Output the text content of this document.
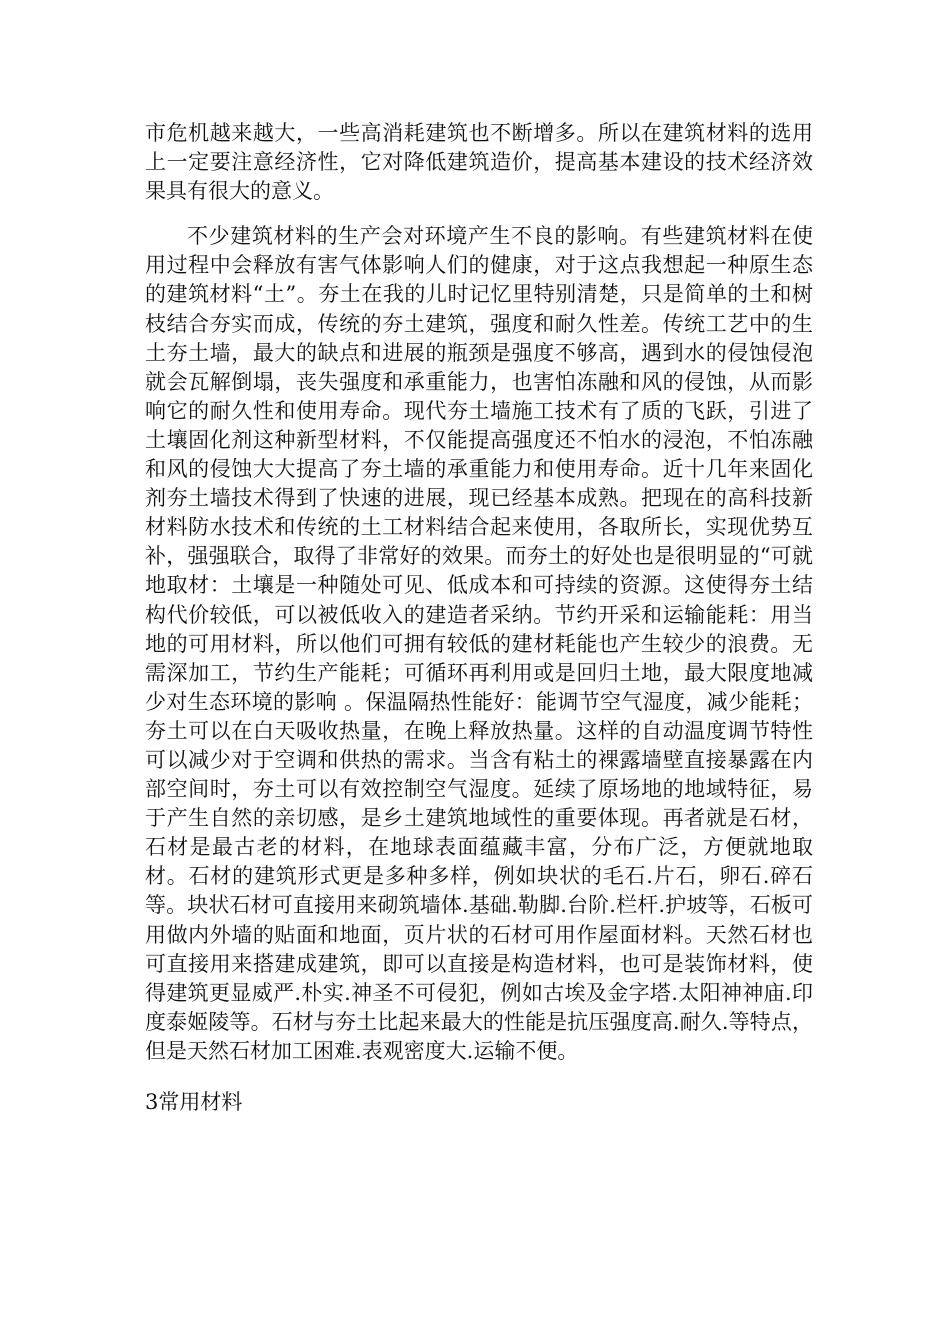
市危机越来越大，一些高消耗建筑也不断增多。所以在建筑材料的选用上一定要注意经济性，它对降低建筑造价，提高基本建设的技术经济效果具有很大的意义。

不少建筑材料的生产会对环境产生不良的影响。有些建筑材料在使用过程中会释放有害气体影响人们的健康，对于这点我想起一种原生态的建筑材料“土”。夯土在我的儿时记忆里特别清楚，只是简单的土和树枝结合夯实而成，传统的夯土建筑，强度和耐久性差。传统工艺中的生土夯土墙，最大的缺点和进展的瓶颈是强度不够高，遇到水的侵蚀侵泡就会瓦解倒塌，丧失强度和承重能力，也害怕冻融和风的侵蚀，从而影响它的耐久性和使用寿命。现代夯土墙施工技术有了质的飞跃，引进了土壤固化剂这种新型材料，不仅能提高强度还不怕水的浸泡，不怕冻融和风的侵蚀大大提高了夯土墙的承重能力和使用寿命。近十几年来固化剂夯土墙技术得到了快速的进展，现已经基本成熟。把现在的高科技新材料防水技术和传统的土工材料结合起来使用，各取所长，实现优势互补，强强联合，取得了非常好的效果。而夯土的好处也是很明显的“可就地取材：土壤是一种随处可见、低成本和可持续的资源。这使得夯土结构代价较低，可以被低收入的建造者采纳。节约开采和运输能耗：用当地的可用材料，所以他们可拥有较低的建材耗能也产生较少的浪费。无需深加工，节约生产能耗；可循环再利用或是回归土地，最大限度地减少对生态环境的影响 。保温隔热性能好：能调节空气湿度，减少能耗；夯土可以在白天吸收热量，在晚上释放热量。这样的自动温度调节特性可以减少对于空调和供热的需求。当含有粘土的裸露墙壁直接暴露在内部空间时，夯土可以有效控制空气湿度。延续了原场地的地域特征，易于产生自然的亲切感，是乡土建筑地域性的重要体现。再者就是石材，石材是最古老的材料，在地球表面蕴藏丰富，分布广泛，方便就地取材。石材的建筑形式更是多种多样，例如块状的毛石.片石，卵石.碎石等。块状石材可直接用来砌筑墙体.基础.勒脚.台阶.栏杆.护坡等，石板可用做内外墙的贴面和地面，页片状的石材可用作屋面材料。天然石材也可直接用来搭建成建筑，即可以直接是构造材料，也可是装饰材料，使得建筑更显威严.朴实.神圣不可侵犯，例如古埃及金字塔.太阳神神庙.印度泰姬陵等。石材与夯土比起来最大的性能是抗压强度高.耐久.等特点，但是天然石材加工困难.表观密度大.运输不便。

3常用材料
